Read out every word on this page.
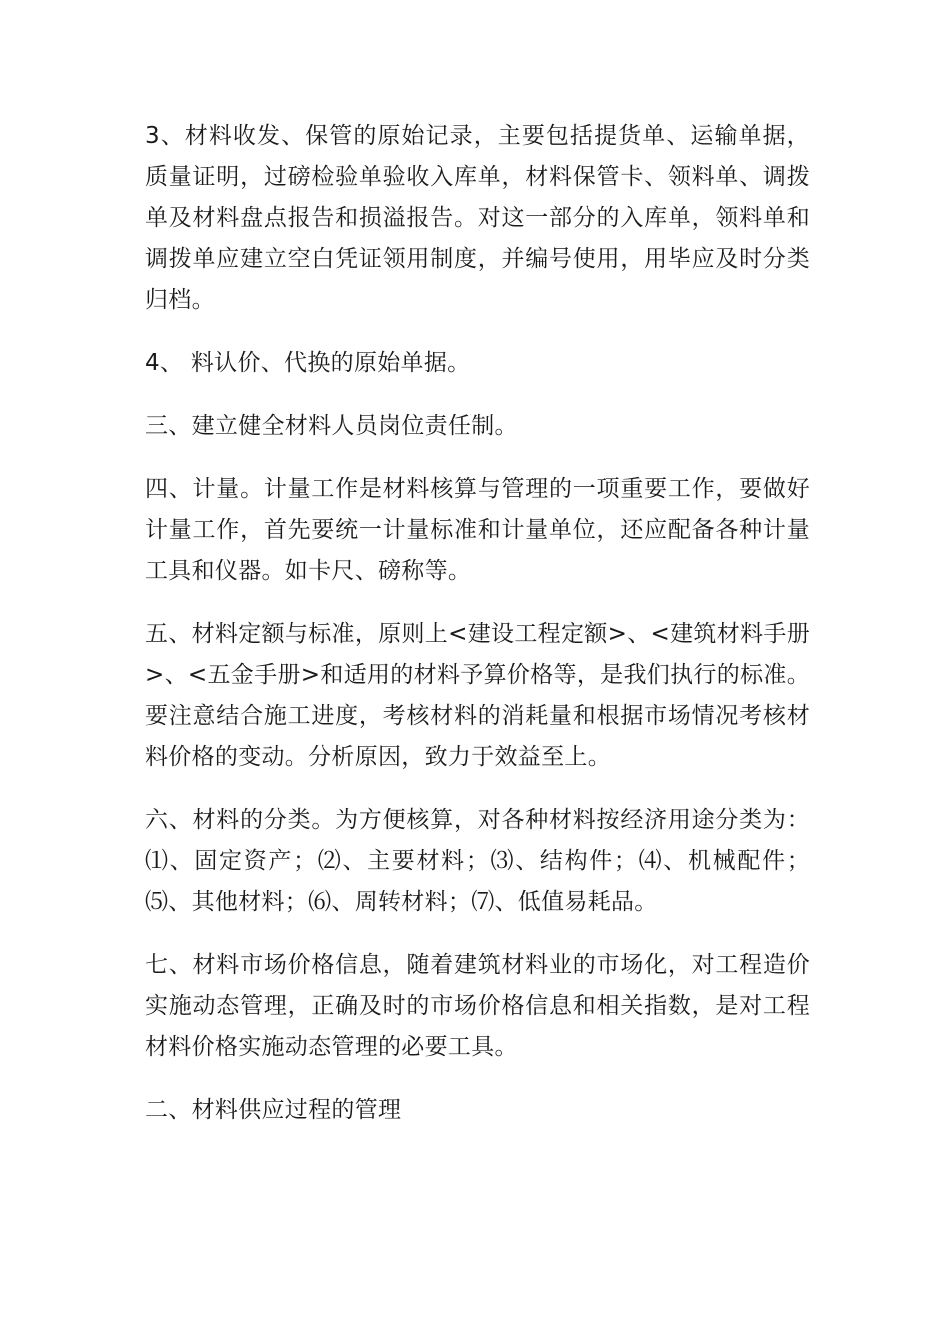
3、材料收发、保管的原始记录，主要包括提货单、运输单据，质量证明，过磅检验单验收入库单，材料保管卡、领料单、调拨单及材料盘点报告和损溢报告。对这一部分的入库单，领料单和调拨单应建立空白凭证领用制度，并编号使用，用毕应及时分类归档。

4、 料认价、代换的原始单据。

三、建立健全材料人员岗位责任制。

四、计量。计量工作是材料核算与管理的一项重要工作，要做好计量工作，首先要统一计量标准和计量单位，还应配备各种计量工具和仪器。如卡尺、磅称等。

五、材料定额与标准，原则上<建设工程定额>、<建筑材料手册>、<五金手册>和适用的材料予算价格等，是我们执行的标准。要注意结合施工进度，考核材料的消耗量和根据市场情况考核材料价格的变动。分析原因，致力于效益至上。

六、材料的分类。为方便核算，对各种材料按经济用途分类为：⑴、固定资产；⑵、主要材料；⑶、结构件；⑷、机械配件；⑸、其他材料；⑹、周转材料；⑺、低值易耗品。

七、材料市场价格信息，随着建筑材料业的市场化，对工程造价实施动态管理，正确及时的市场价格信息和相关指数，是对工程材料价格实施动态管理的必要工具。

二、材料供应过程的管理
